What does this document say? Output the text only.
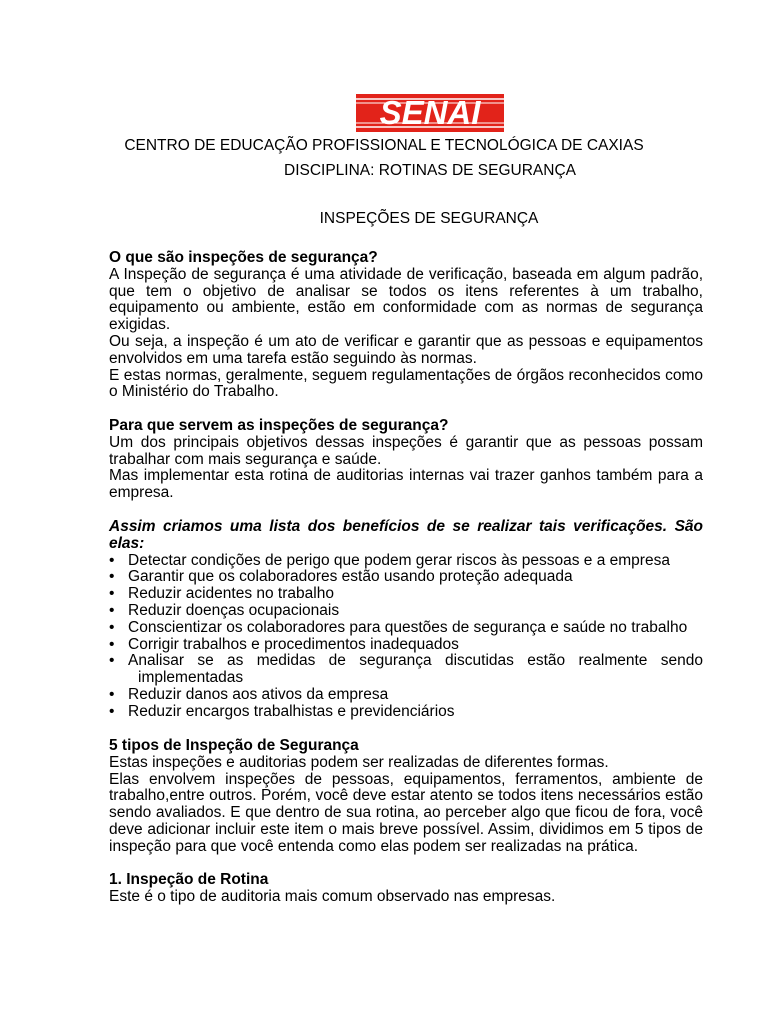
SENAI
CENTRO DE EDUCAÇÃO PROFISSIONAL E TECNOLÓGICA DE CAXIAS
DISCIPLINA: ROTINAS DE SEGURANÇA
INSPEÇÕES DE SEGURANÇA

O que são inspeções de segurança?

A Inspeção de segurança é uma atividade de verificação, baseada em algum padrão, que tem o objetivo de analisar se todos os itens referentes à um trabalho, equipamento ou ambiente, estão em conformidade com as normas de segurança exigidas.

Ou seja, a inspeção é um ato de verificar e garantir que as pessoas e equipamentos envolvidos em uma tarefa estão seguindo às normas.

E estas normas, geralmente, seguem regulamentações de órgãos reconhecidos como o Ministério do Trabalho.

Para que servem as inspeções de segurança?

Um dos principais objetivos dessas inspeções é garantir que as pessoas possam trabalhar com mais segurança e saúde.

Mas implementar esta rotina de auditorias internas vai trazer ganhos também para a empresa.

Assim criamos uma lista dos benefícios de se realizar tais verificações. São elas:

• Detectar condições de perigo que podem gerar riscos às pessoas e a empresa
• Garantir que os colaboradores estão usando proteção adequada
• Reduzir acidentes no trabalho
• Reduzir doenças ocupacionais
• Conscientizar os colaboradores para questões de segurança e saúde no trabalho
• Corrigir trabalhos e procedimentos inadequados
• Analisar se as medidas de segurança discutidas estão realmente sendo
implementadas
• Reduzir danos aos ativos da empresa
• Reduzir encargos trabalhistas e previdenciários

5 tipos de Inspeção de Segurança

Estas inspeções e auditorias podem ser realizadas de diferentes formas.

Elas envolvem inspeções de pessoas, equipamentos, ferramentos, ambiente de trabalho,entre outros. Porém, você deve estar atento se todos itens necessários estão sendo avaliados. E que dentro de sua rotina, ao perceber algo que ficou de fora, você deve adicionar incluir este item o mais breve possível. Assim, dividimos em 5 tipos de inspeção para que você entenda como elas podem ser realizadas na prática.

1. Inspeção de Rotina

Este é o tipo de auditoria mais comum observado nas empresas.
